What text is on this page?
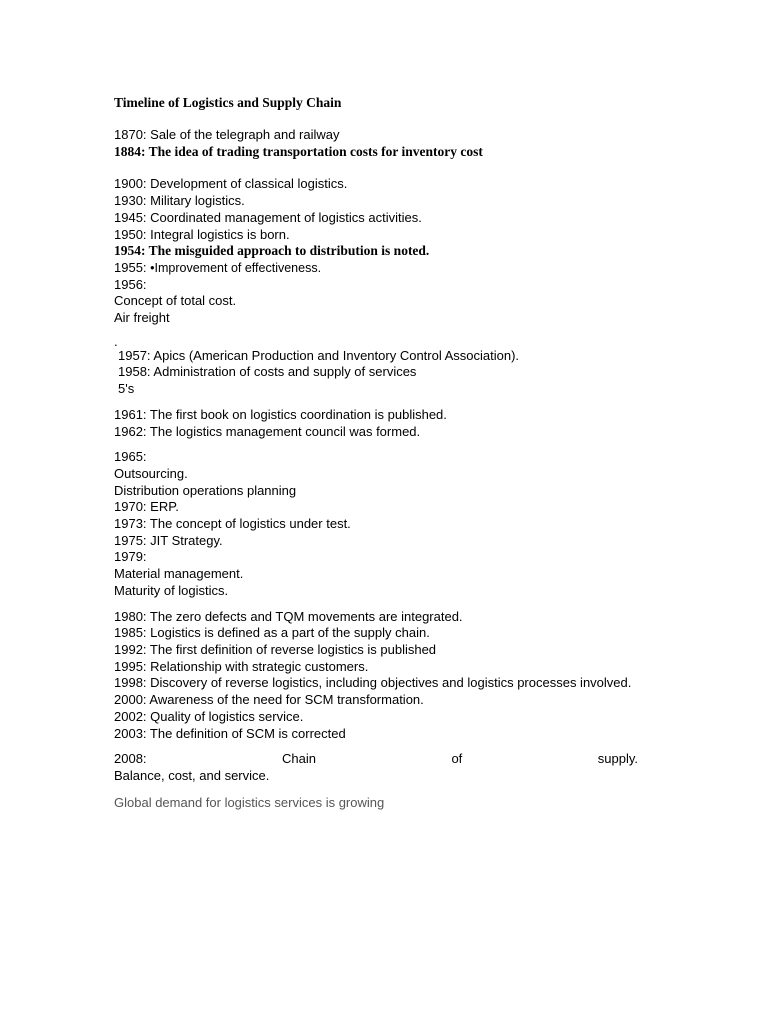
Timeline of Logistics and Supply Chain
1870: Sale of the telegraph and railway
1884: The idea of trading transportation costs for inventory cost
1900: Development of classical logistics.
1930: Military logistics.
1945: Coordinated management of logistics activities.
1950: Integral logistics is born.
1954: The misguided approach to distribution is noted.
1955: •Improvement of effectiveness.
1956:
Concept of total cost.
Air freight
.
1957: Apics (American Production and Inventory Control Association).
1958: Administration of costs and supply of services
5's
1961: The first book on logistics coordination is published.
1962: The logistics management council was formed.
1965:
Outsourcing.
Distribution operations planning
1970: ERP.
1973: The concept of logistics under test.
1975: JIT Strategy.
1979:
Material management.
Maturity of logistics.
1980: The zero defects and TQM movements are integrated.
1985: Logistics is defined as a part of the supply chain.
1992: The first definition of reverse logistics is published
1995: Relationship with strategic customers.
1998: Discovery of reverse logistics, including objectives and logistics processes involved.
2000: Awareness of the need for SCM transformation.
2002: Quality of logistics service.
2003: The definition of SCM is corrected
2008:	Chain	of	supply.
Balance, cost, and service.
Global demand for logistics services is growing
